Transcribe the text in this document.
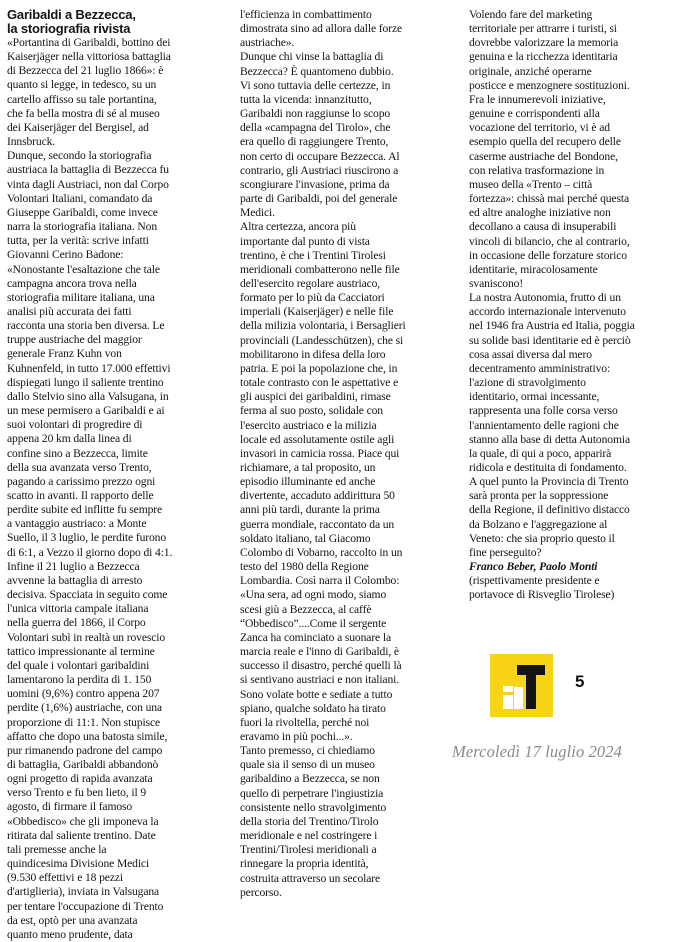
Garibaldi a Bezzecca,
la storiografia rivista
«Portantina di Garibaldi, bottino dei
Kaiserjäger nella vittoriosa battaglia
di Bezzecca del 21 luglio 1866»: è
quanto si legge, in tedesco, su un
cartello affisso su tale portantina,
che fa bella mostra di sé al museo
dei Kaiserjäger del Bergisel, ad
Innsbruck.
Dunque, secondo la storiografia
austriaca la battaglia di Bezzecca fu
vinta dagli Austriaci, non dal Corpo
Volontari Italiani, comandato da
Giuseppe Garibaldi, come invece
narra la storiografia italiana. Non
tutta, per la verità: scrive infatti
Giovanni Cerino Badone:
«Nonostante l'esaltazione che tale
campagna ancora trova nella
storiografia militare italiana, una
analisi più accurata dei fatti
racconta una storia ben diversa. Le
truppe austriache del maggior
generale Franz Kuhn von
Kuhnenfeld, in tutto 17.000 effettivi
dispiegati lungo il saliente trentino
dallo Stelvio sino alla Valsugana, in
un mese permisero a Garibaldi e ai
suoi volontari di progredire di
appena 20 km dalla linea di
confine sino a Bezzecca, limite
della sua avanzata verso Trento,
pagando a carissimo prezzo ogni
scatto in avanti. Il rapporto delle
perdite subite ed inflitte fu sempre
a vantaggio austriaco: a Monte
Suello, il 3 luglio, le perdite furono
di 6:1, a Vezzo il giorno dopo di 4:1.
Infine il 21 luglio a Bezzecca
avvenne la battaglia di arresto
decisiva. Spacciata in seguito come
l'unica vittoria campale italiana
nella guerra del 1866, il Corpo
Volontari subì in realtà un rovescio
tattico impressionante al termine
del quale i volontari garibaldini
lamentarono la perdita di 1. 150
uomini (9,6%) contro appena 207
perdite (1,6%) austriache, con una
proporzione di 11:1. Non stupisce
affatto che dopo una batosta simile,
pur rimanendo padrone del campo
di battaglia, Garibaldi abbandonò
ogni progetto di rapida avanzata
verso Trento e fu ben lieto, il 9
agosto, di firmare il famoso
«Obbedisco» che gli imponeva la
ritirata dal saliente trentino. Date
tali premesse anche la
quindicesima Divisione Medici
(9.530 effettivi e 18 pezzi
d'artiglieria), inviata in Valsugana
per tentare l'occupazione di Trento
da est, optò per una avanzata
quanto meno prudente, data
l'efficienza in combattimento
dimostrata sino ad allora dalle forze
austriache».
Dunque chi vinse la battaglia di
Bezzecca? È quantomeno dubbio.
Vi sono tuttavia delle certezze, in
tutta la vicenda: innanzitutto,
Garibaldi non raggiunse lo scopo
della «campagna del Tirolo», che
era quello di raggiungere Trento,
non certo di occupare Bezzecca. Al
contrario, gli Austriaci riuscirono a
scongiurare l'invasione, prima da
parte di Garibaldi, poi del generale
Medici.
Altra certezza, ancora più
importante dal punto di vista
trentino, è che i Trentini Tirolesi
meridionali combatterono nelle file
dell'esercito regolare austriaco,
formato per lo più da Cacciatori
imperiali (Kaiserjäger) e nelle file
della milizia volontaria, i Bersaglieri
provinciali (Landesschützen), che si
mobilitarono in difesa della loro
patria. E poi la popolazione che, in
totale contrasto con le aspettative e
gli auspici dei garibaldini, rimase
ferma al suo posto, solidale con
l'esercito austriaco e la milizia
locale ed assolutamente ostile agli
invasori in camicia rossa. Piace qui
richiamare, a tal proposito, un
episodio illuminante ed anche
divertente, accaduto addirittura 50
anni più tardi, durante la prima
guerra mondiale, raccontato da un
soldato italiano, tal Giacomo
Colombo di Vobarno, raccolto in un
testo del 1980 della Regione
Lombardia. Così narra il Colombo:
«Una sera, ad ogni modo, siamo
scesi giù a Bezzecca, al caffè
“Obbedisco”....Come il sergente
Zanca ha cominciato a suonare la
marcia reale e l'inno di Garibaldi, è
successo il disastro, perché quelli là
si sentivano austriaci e non italiani.
Sono volate botte e sediate a tutto
spiano, qualche soldato ha tirato
fuori la rivoltella, perché noi
eravamo in più pochi...».
Tanto premesso, ci chiediamo
quale sia il senso di un museo
garibaldino a Bezzecca, se non
quello di perpetrare l'ingiustizia
consistente nello stravolgimento
della storia del Trentino/Tirolo
meridionale e nel costringere i
Trentini/Tirolesi meridionali a
rinnegare la propria identità,
costruita attraverso un secolare
percorso.
Volendo fare del marketing
territoriale per attrarre i turisti, si
dovrebbe valorizzare la memoria
genuina e la ricchezza identitaria
originale, anziché operarne
posticce e menzognere sostituzioni.
Fra le innumerevoli iniziative,
genuine e corrispondenti alla
vocazione del territorio, vi è ad
esempio quella del recupero delle
caserme austriache del Bondone,
con relativa trasformazione in
museo della «Trento – città
fortezza»: chissà mai perché questa
ed altre analoghe iniziative non
decollano a causa di insuperabili
vincoli di bilancio, che al contrario,
in occasione delle forzature storico
identitarie, miracolosamente
svaniscono!
La nostra Autonomia, frutto di un
accordo internazionale intervenuto
nel 1946 fra Austria ed Italia, poggia
su solide basi identitarie ed è perciò
cosa assai diversa dal mero
decentramento amministrativo:
l'azione di stravolgimento
identitario, ormai incessante,
rappresenta una folle corsa verso
l'annientamento delle ragioni che
stanno alla base di detta Autonomia
la quale, di qui a poco, apparirà
ridicola e destituita di fondamento.
A quel punto la Provincia di Trento
sarà pronta per la soppressione
della Regione, il definitivo distacco
da Bolzano e l'aggregazione al
Veneto: che sia proprio questo il
fine perseguito?
Franco Beber, Paolo Monti
(rispettivamente presidente e
portavoce di Risveglio Tirolese)
5
Mercoledì 17 luglio 2024
